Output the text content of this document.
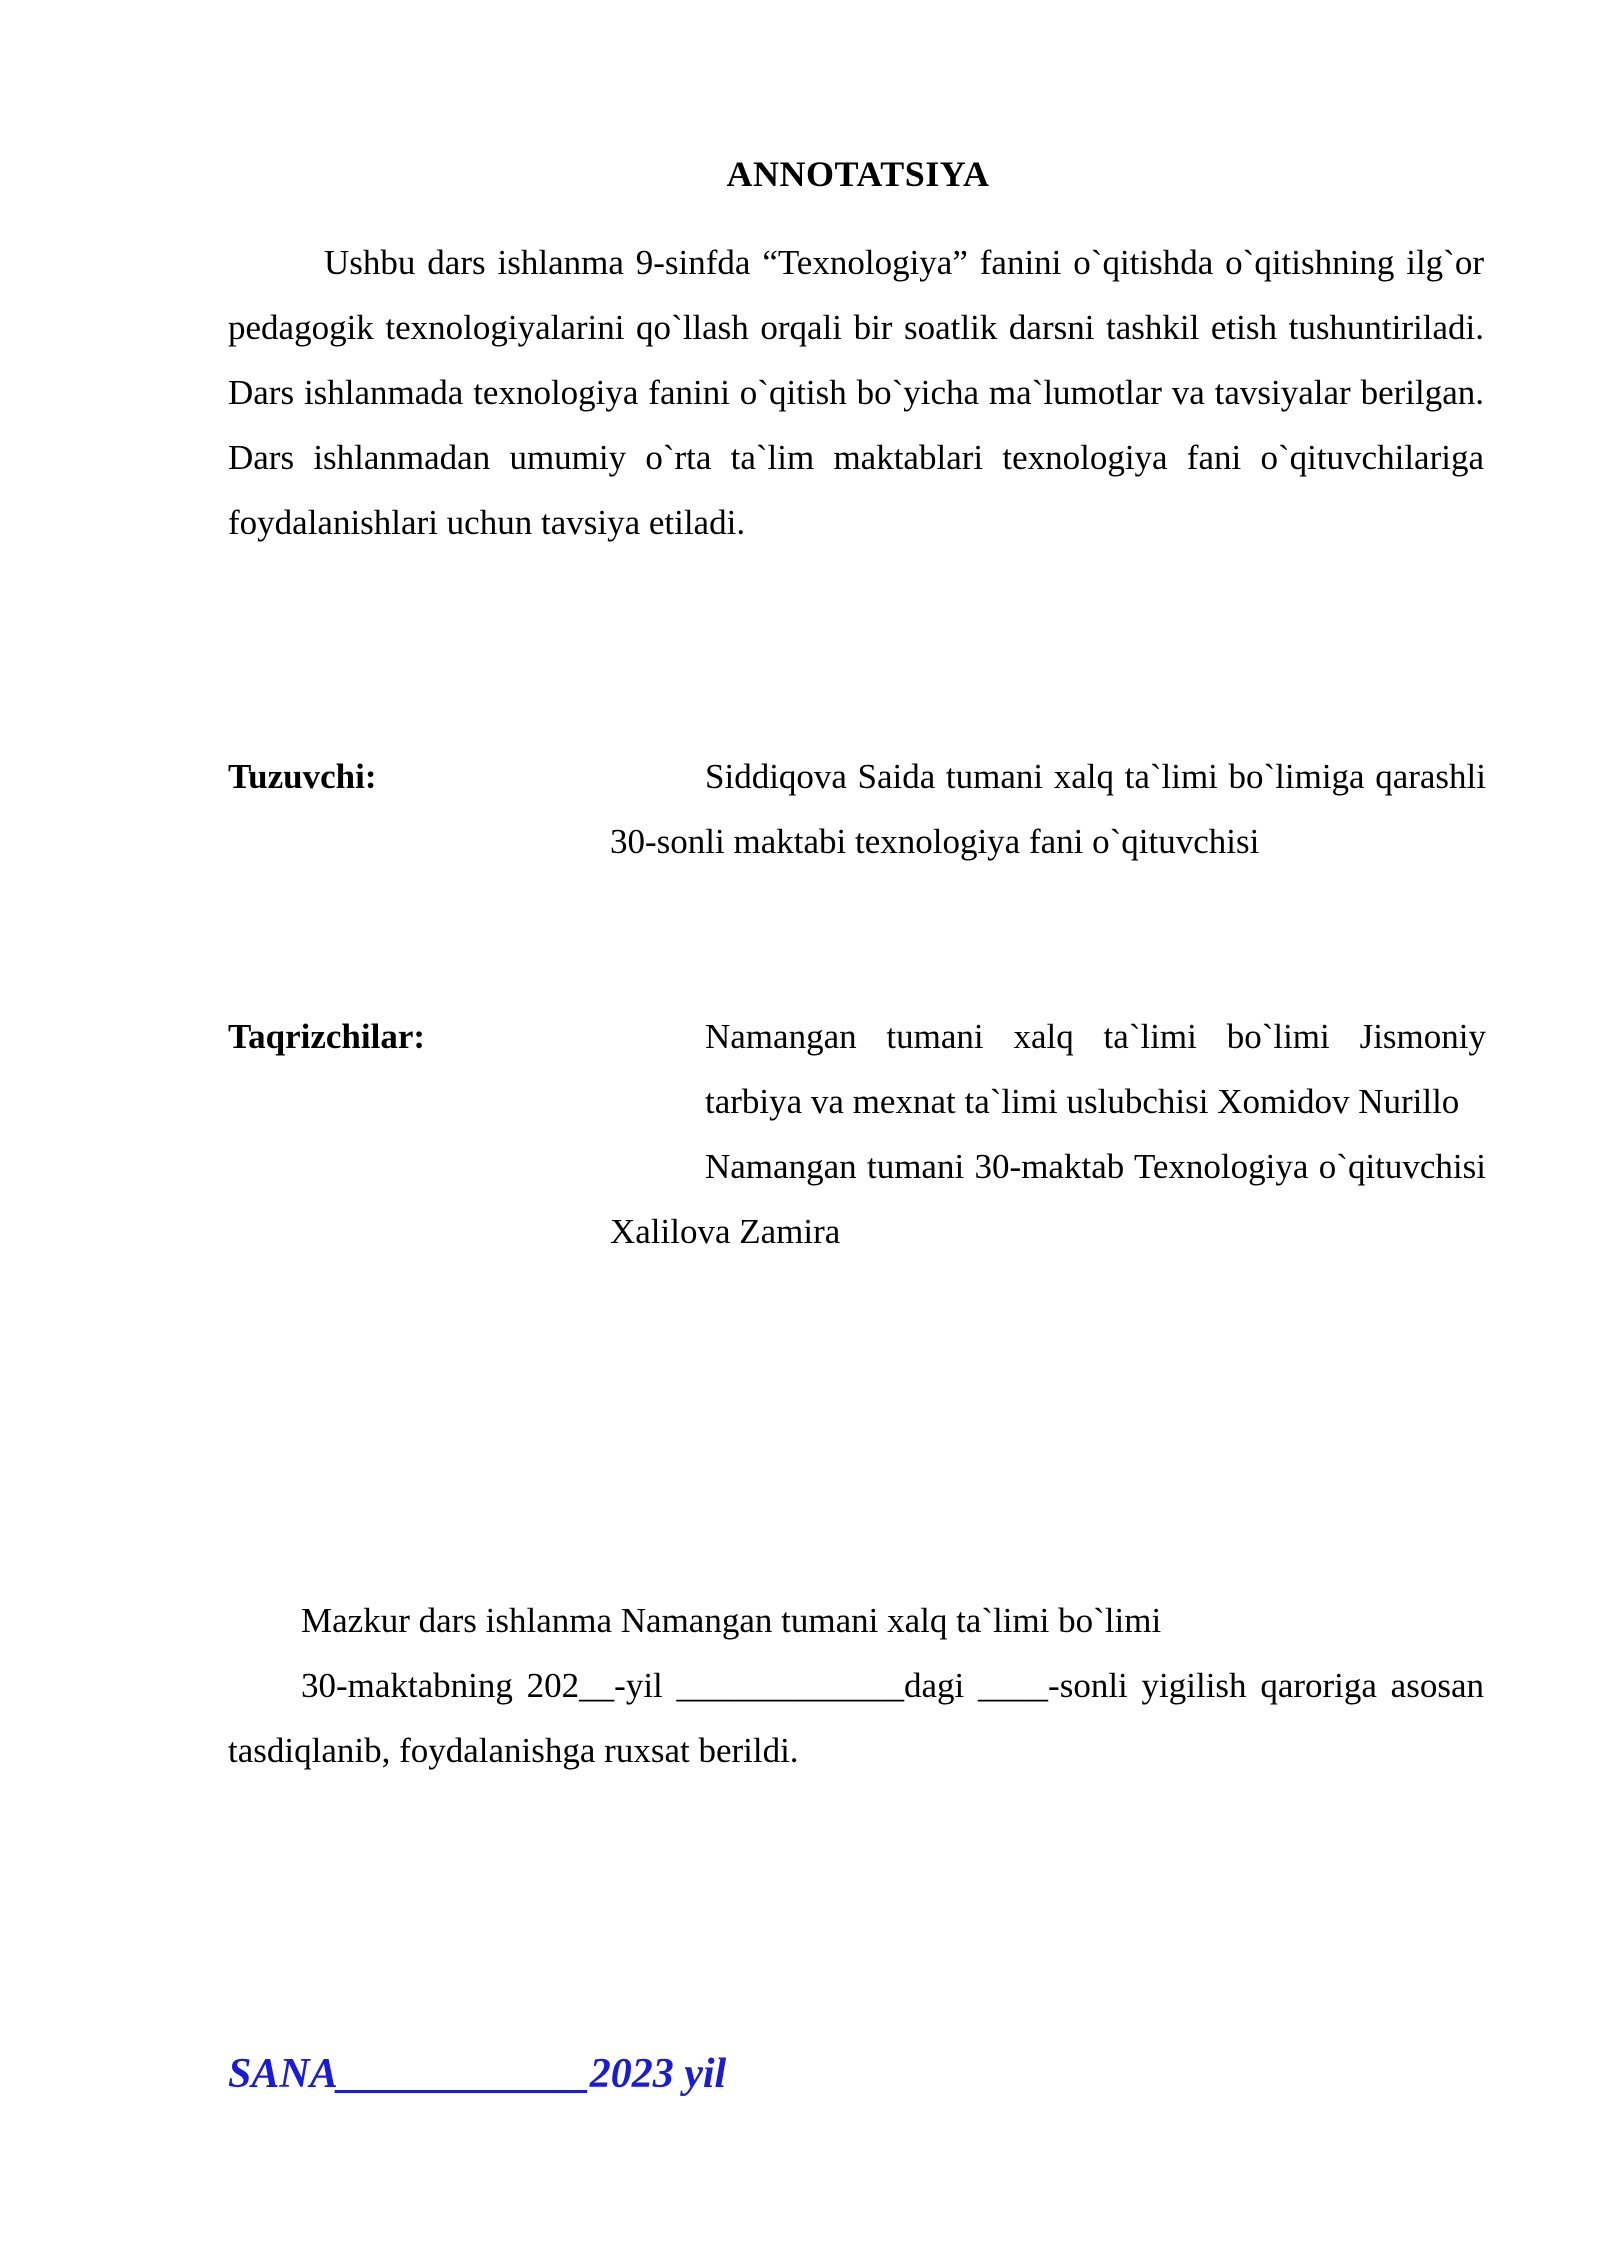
ANNOTATSIYA

Ushbu dars ishlanma 9-sinfda “Texnologiya” fanini o`qitishda o`qitishning ilg`or pedagogik texnologiyalarini qo`llash orqali bir soatlik darsni tashkil etish tushuntiriladi. Dars ishlanmada texnologiya fanini o`qitish bo`yicha ma`lumotlar va tavsiyalar berilgan. Dars ishlanmadan umumiy o`rta ta`lim maktablari texnologiya fani o`qituvchilariga foydalanishlari uchun tavsiya etiladi.

Tuzuvchi:	Siddiqova Saida tumani xalq ta`limi bo`limiga qarashli 30-sonli maktabi texnologiya fani o`qituvchisi

Taqrizchilar:	Namangan tumani xalq ta`limi bo`limi Jismoniy tarbiya va mexnat ta`limi uslubchisi Xomidov Nurillo

Namangan tumani 30-maktab Texnologiya o`qituvchisi Xalilova Zamira

Mazkur dars ishlanma Namangan tumani xalq ta`limi bo`limi

30-maktabning 202__-yil _____________dagi ____-sonli yigilish qaroriga asosan tasdiqlanib, foydalanishga ruxsat berildi.

SANA____________2023 yil
